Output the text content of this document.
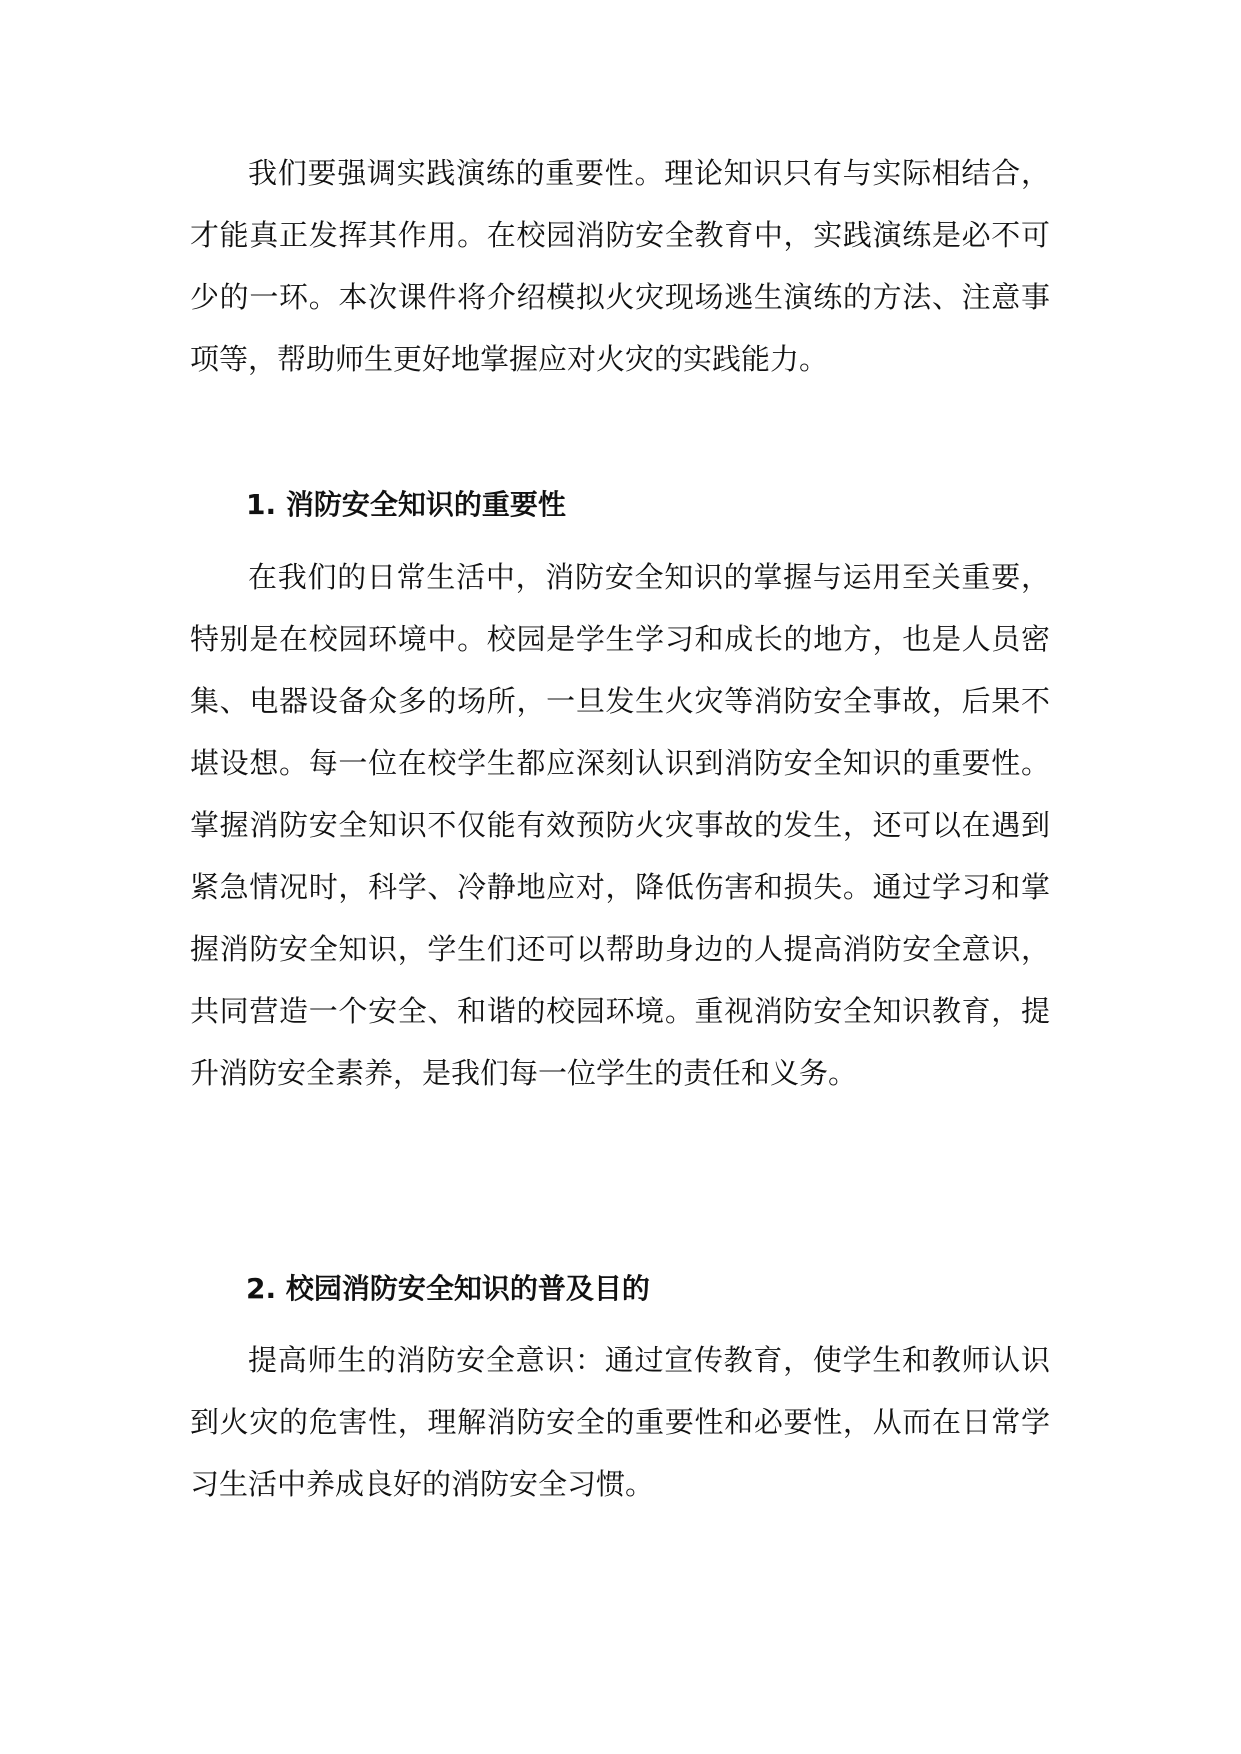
我们要强调实践演练的重要性。理论知识只有与实际相结合，才能真正发挥其作用。在校园消防安全教育中，实践演练是必不可少的一环。本次课件将介绍模拟火灾现场逃生演练的方法、注意事项等，帮助师生更好地掌握应对火灾的实践能力。

1. 消防安全知识的重要性

在我们的日常生活中，消防安全知识的掌握与运用至关重要，特别是在校园环境中。校园是学生学习和成长的地方，也是人员密集、电器设备众多的场所，一旦发生火灾等消防安全事故，后果不堪设想。每一位在校学生都应深刻认识到消防安全知识的重要性。掌握消防安全知识不仅能有效预防火灾事故的发生，还可以在遇到紧急情况时，科学、冷静地应对，降低伤害和损失。通过学习和掌握消防安全知识，学生们还可以帮助身边的人提高消防安全意识，共同营造一个安全、和谐的校园环境。重视消防安全知识教育，提升消防安全素养，是我们每一位学生的责任和义务。

2. 校园消防安全知识的普及目的

提高师生的消防安全意识：通过宣传教育，使学生和教师认识到火灾的危害性，理解消防安全的重要性和必要性，从而在日常学习生活中养成良好的消防安全习惯。
